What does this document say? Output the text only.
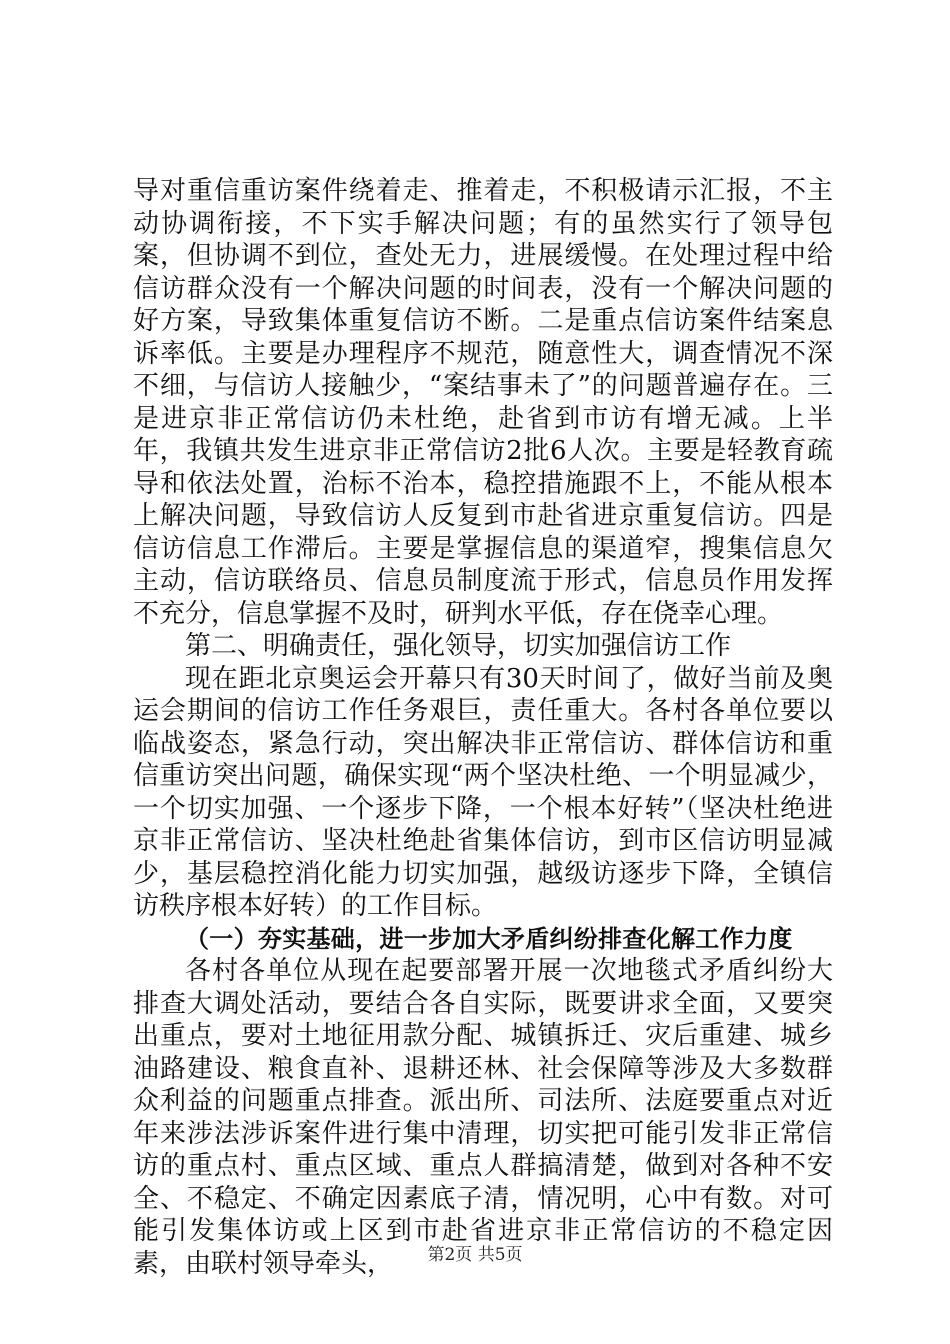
导对重信重访案件绕着走、推着走，不积极请示汇报，不主动协调衔接，不下实手解决问题；有的虽然实行了领导包案，但协调不到位，查处无力，进展缓慢。在处理过程中给信访群众没有一个解决问题的时间表，没有一个解决问题的好方案，导致集体重复信访不断。二是重点信访案件结案息诉率低。主要是办理程序不规范，随意性大，调查情况不深不细，与信访人接触少，“案结事未了”的问题普遍存在。三是进京非正常信访仍未杜绝，赴省到市访有增无减。上半年，我镇共发生进京非正常信访2批6人次。主要是轻教育疏导和依法处置，治标不治本，稳控措施跟不上，不能从根本上解决问题，导致信访人反复到市赴省进京重复信访。四是信访信息工作滞后。主要是掌握信息的渠道窄，搜集信息欠主动，信访联络员、信息员制度流于形式，信息员作用发挥不充分，信息掌握不及时，研判水平低，存在侥幸心理。

第二、明确责任，强化领导，切实加强信访工作

现在距北京奥运会开幕只有30天时间了，做好当前及奥运会期间的信访工作任务艰巨，责任重大。各村各单位要以临战姿态，紧急行动，突出解决非正常信访、群体信访和重信重访突出问题，确保实现“两个坚决杜绝、一个明显减少，一个切实加强、一个逐步下降，一个根本好转”（坚决杜绝进京非正常信访、坚决杜绝赴省集体信访，到市区信访明显减少，基层稳控消化能力切实加强，越级访逐步下降，全镇信访秩序根本好转）的工作目标。

（一）夯实基础，进一步加大矛盾纠纷排查化解工作力度

各村各单位从现在起要部署开展一次地毯式矛盾纠纷大排查大调处活动，要结合各自实际，既要讲求全面，又要突出重点，要对土地征用款分配、城镇拆迁、灾后重建、城乡油路建设、粮食直补、退耕还林、社会保障等涉及大多数群众利益的问题重点排查。派出所、司法所、法庭要重点对近年来涉法涉诉案件进行集中清理，切实把可能引发非正常信访的重点村、重点区域、重点人群搞清楚，做到对各种不安全、不稳定、不确定因素底子清，情况明，心中有数。对可能引发集体访或上区到市赴省进京非正常信访的不稳定因素，由联村领导牵头，	第2页 共5页
